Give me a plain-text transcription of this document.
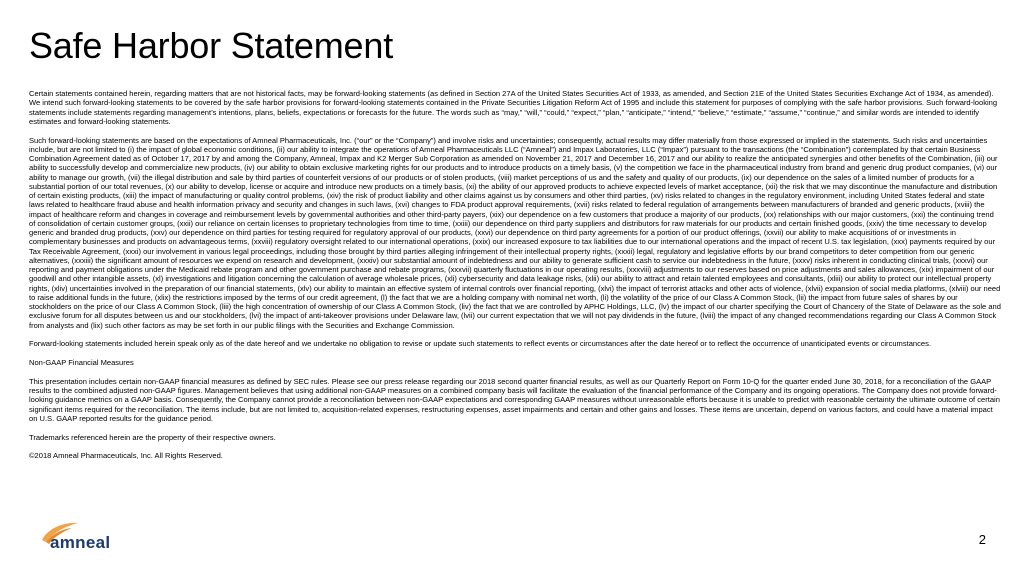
Safe Harbor Statement

Certain statements contained herein, regarding matters that are not historical facts, may be forward-looking statements (as defined in Section 27A of the United States Securities Act of 1933, as amended, and Section 21E of the United States Securities Exchange Act of 1934, as amended). We intend such forward-looking statements to be covered by the safe harbor provisions for forward-looking statements contained in the Private Securities Litigation Reform Act of 1995 and include this statement for purposes of complying with the safe harbor provisions. Such forward-looking statements include statements regarding management’s intentions, plans, beliefs, expectations or forecasts for the future. The words such as “may,” “will,” “could,” “expect,” “plan,” “anticipate,” “intend,” “believe,” “estimate,” “assume,” “continue,” and similar words are intended to identify estimates and forward-looking statements.

Such forward-looking statements are based on the expectations of Amneal Pharmaceuticals, Inc. (“our” or the “Company”) and involve risks and uncertainties; consequently, actual results may differ materially from those expressed or implied in the statements. Such risks and uncertainties include, but are not limited to (i) the impact of global economic conditions, (ii) our ability to integrate the operations of Amneal Pharmaceuticals LLC (“Amneal”) and Impax Laboratories, LLC (“Impax”) pursuant to the transactions (the “Combination”) contemplated by that certain Business Combination Agreement dated as of October 17, 2017 by and among the Company, Amneal, Impax and K2 Merger Sub Corporation as amended on November 21, 2017 and December 16, 2017 and our ability to realize the anticipated synergies and other benefits of the Combination, (iii) our ability to successfully develop and commercialize new products, (iv) our ability to obtain exclusive marketing rights for our products and to introduce products on a timely basis, (v) the competition we face in the pharmaceutical industry from brand and generic drug product companies, (vi) our ability to manage our growth, (vii) the illegal distribution and sale by third parties of counterfeit versions of our products or of stolen products, (viii) market perceptions of us and the safety and quality of our products, (ix) our dependence on the sales of a limited number of products for a substantial portion of our total revenues, (x) our ability to develop, license or acquire and introduce new products on a timely basis, (xi) the ability of our approved products to achieve expected levels of market acceptance, (xii) the risk that we may discontinue the manufacture and distribution of certain existing products, (xiii) the impact of manufacturing or quality control problems, (xiv) the risk of product liability and other claims against us by consumers and other third parties, (xv) risks related to changes in the regulatory environment, including United States federal and state laws related to healthcare fraud abuse and health information privacy and security and changes in such laws, (xvi) changes to FDA product approval requirements, (xvii) risks related to federal regulation of arrangements between manufacturers of branded and generic products, (xviii) the impact of healthcare reform and changes in coverage and reimbursement levels by governmental authorities and other third-party payers, (xix) our dependence on a few customers that produce a majority of our products, (xx) relationships with our major customers, (xxi) the continuing trend of consolidation of certain customer groups, (xxii) our reliance on certain licenses to proprietary technologies from time to time, (xxiii) our dependence on third party suppliers and distributors for raw materials for our products and certain finished goods, (xxiv) the time necessary to develop generic and branded drug products, (xxv) our dependence on third parties for testing required for regulatory approval of our products, (xxvi) our dependence on third party agreements for a portion of our product offerings, (xxvii) our ability to make acquisitions of or investments in complementary businesses and products on advantageous terms, (xxviii) regulatory oversight related to our international operations, (xxix) our increased exposure to tax liabilities due to our international operations and the impact of recent U.S. tax legislation, (xxx) payments required by our Tax Receivable Agreement, (xxxi) our involvement in various legal proceedings, including those brought by third parties alleging infringement of their intellectual property rights, (xxxii) legal, regulatory and legislative efforts by our brand competitors to deter competition from our generic alternatives, (xxxiii) the significant amount of resources we expend on research and development, (xxxiv) our substantial amount of indebtedness and our ability to generate sufficient cash to service our indebtedness in the future, (xxxv) risks inherent in conducting clinical trials, (xxxvi) our reporting and payment obligations under the Medicaid rebate program and other government purchase and rebate programs, (xxxvii) quarterly fluctuations in our operating results, (xxxviii) adjustments to our reserves based on price adjustments and sales allowances, (xix) impairment of our goodwill and other intangible assets, (xl) investigations and litigation concerning the calculation of average wholesale prices, (xli) cybersecurity and data leakage risks, (xlii) our ability to attract and retain talented employees and consultants, (xliii) our ability to protect our intellectual property rights, (xliv) uncertainties involved in the preparation of our financial statements, (xlv) our ability to maintain an effective system of internal controls over financial reporting, (xlvi) the impact of terrorist attacks and other acts of violence, (xlvii) expansion of social media platforms, (xlviii) our need to raise additional funds in the future, (xlix) the restrictions imposed by the terms of our credit agreement, (l) the fact that we are a holding company with nominal net worth, (li) the volatility of the price of our Class A Common Stock, (lii) the impact from future sales of shares by our stockholders on the price of our Class A Common Stock, (liii) the high concentration of ownership of our Class A Common Stock, (liv) the fact that we are controlled by APHC Holdings, LLC, (lv) the impact of our charter specifying the Court of Chancery of the State of Delaware as the sole and exclusive forum for all disputes between us and our stockholders, (lvi) the impact of anti-takeover provisions under Delaware law, (lvii) our current expectation that we will not pay dividends in the future, (lviii) the impact of any changed recommendations regarding our Class A Common Stock from analysts and (lix) such other factors as may be set forth in our public filings with the Securities and Exchange Commission.

Forward-looking statements included herein speak only as of the date hereof and we undertake no obligation to revise or update such statements to reflect events or circumstances after the date hereof or to reflect the occurrence of unanticipated events or circumstances.

Non-GAAP Financial Measures

This presentation includes certain non-GAAP financial measures as defined by SEC rules. Please see our press release regarding our 2018 second quarter financial results, as well as our Quarterly Report on Form 10-Q for the quarter ended June 30, 2018, for a reconciliation of the GAAP results to the combined adjusted non-GAAP figures. Management believes that using additional non-GAAP measures on a combined company basis will facilitate the evaluation of the financial performance of the Company and its ongoing operations. The Company does not provide forward-looking guidance metrics on a GAAP basis. Consequently, the Company cannot provide a reconciliation between non-GAAP expectations and corresponding GAAP measures without unreasonable efforts because it is unable to predict with reasonable certainty the ultimate outcome of certain significant items required for the reconciliation. The items include, but are not limited to, acquisition-related expenses, restructuring expenses, asset impairments and certain and other gains and losses. These items are uncertain, depend on various factors, and could have a material impact on U.S. GAAP reported results for the guidance period.

Trademarks referenced herein are the property of their respective owners.

©2018 Amneal Pharmaceuticals, Inc. All Rights Reserved.

amneal	2
